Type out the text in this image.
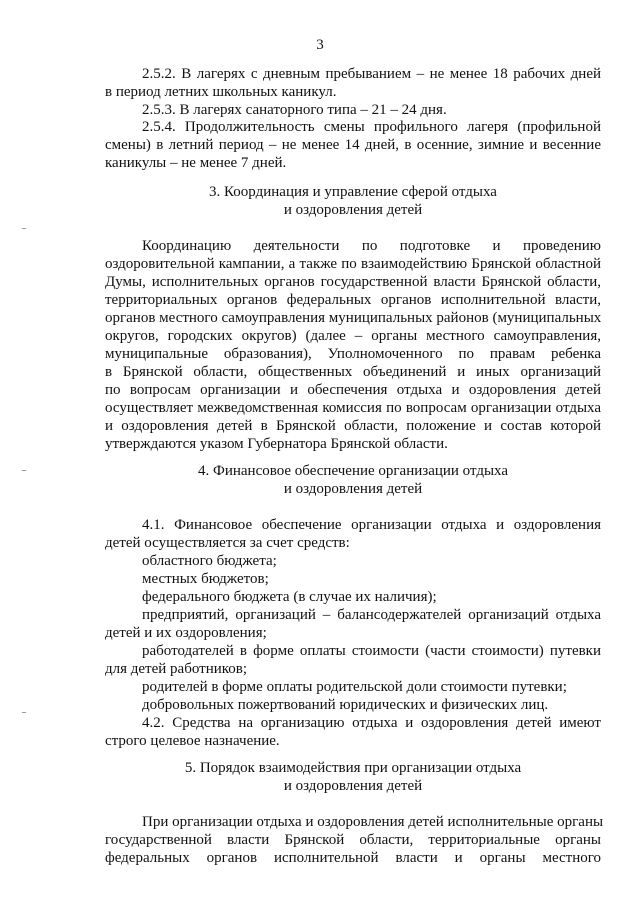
3
2.5.2. В лагерях с дневным пребыванием – не менее 18 рабочих дней
в период летних школьных каникул.
2.5.3. В лагерях санаторного типа – 21 – 24 дня.
2.5.4. Продолжительность смены профильного лагеря (профильной
смены) в летний период – не менее 14 дней, в осенние, зимние и весенние
каникулы – не менее 7 дней.
3. Координация и управление сферой отдыха
и оздоровления детей
Координацию деятельности по подготовке и проведению
оздоровительной кампании, а также по взаимодействию Брянской областной
Думы, исполнительных органов государственной власти Брянской области,
территориальных органов федеральных органов исполнительной власти,
органов местного самоуправления муниципальных районов (муниципальных
округов, городских округов) (далее – органы местного самоуправления,
муниципальные образования), Уполномоченного по правам ребенка
в Брянской области, общественных объединений и иных организаций
по вопросам организации и обеспечения отдыха и оздоровления детей
осуществляет межведомственная комиссия по вопросам организации отдыха
и оздоровления детей в Брянской области, положение и состав которой
утверждаются указом Губернатора Брянской области.
4. Финансовое обеспечение организации отдыха
и оздоровления детей
4.1. Финансовое обеспечение организации отдыха и оздоровления
детей осуществляется за счет средств:
областного бюджета;
местных бюджетов;
федерального бюджета (в случае их наличия);
предприятий, организаций – балансодержателей организаций отдыха
детей и их оздоровления;
работодателей в форме оплаты стоимости (части стоимости) путевки
для детей работников;
родителей в форме оплаты родительской доли стоимости путевки;
добровольных пожертвований юридических и физических лиц.
4.2. Средства на организацию отдыха и оздоровления детей имеют
строго целевое назначение.
5. Порядок взаимодействия при организации отдыха
и оздоровления детей
При организации отдыха и оздоровления детей исполнительные органы
государственной власти Брянской области, территориальные органы
федеральных органов исполнительной власти и органы местного
